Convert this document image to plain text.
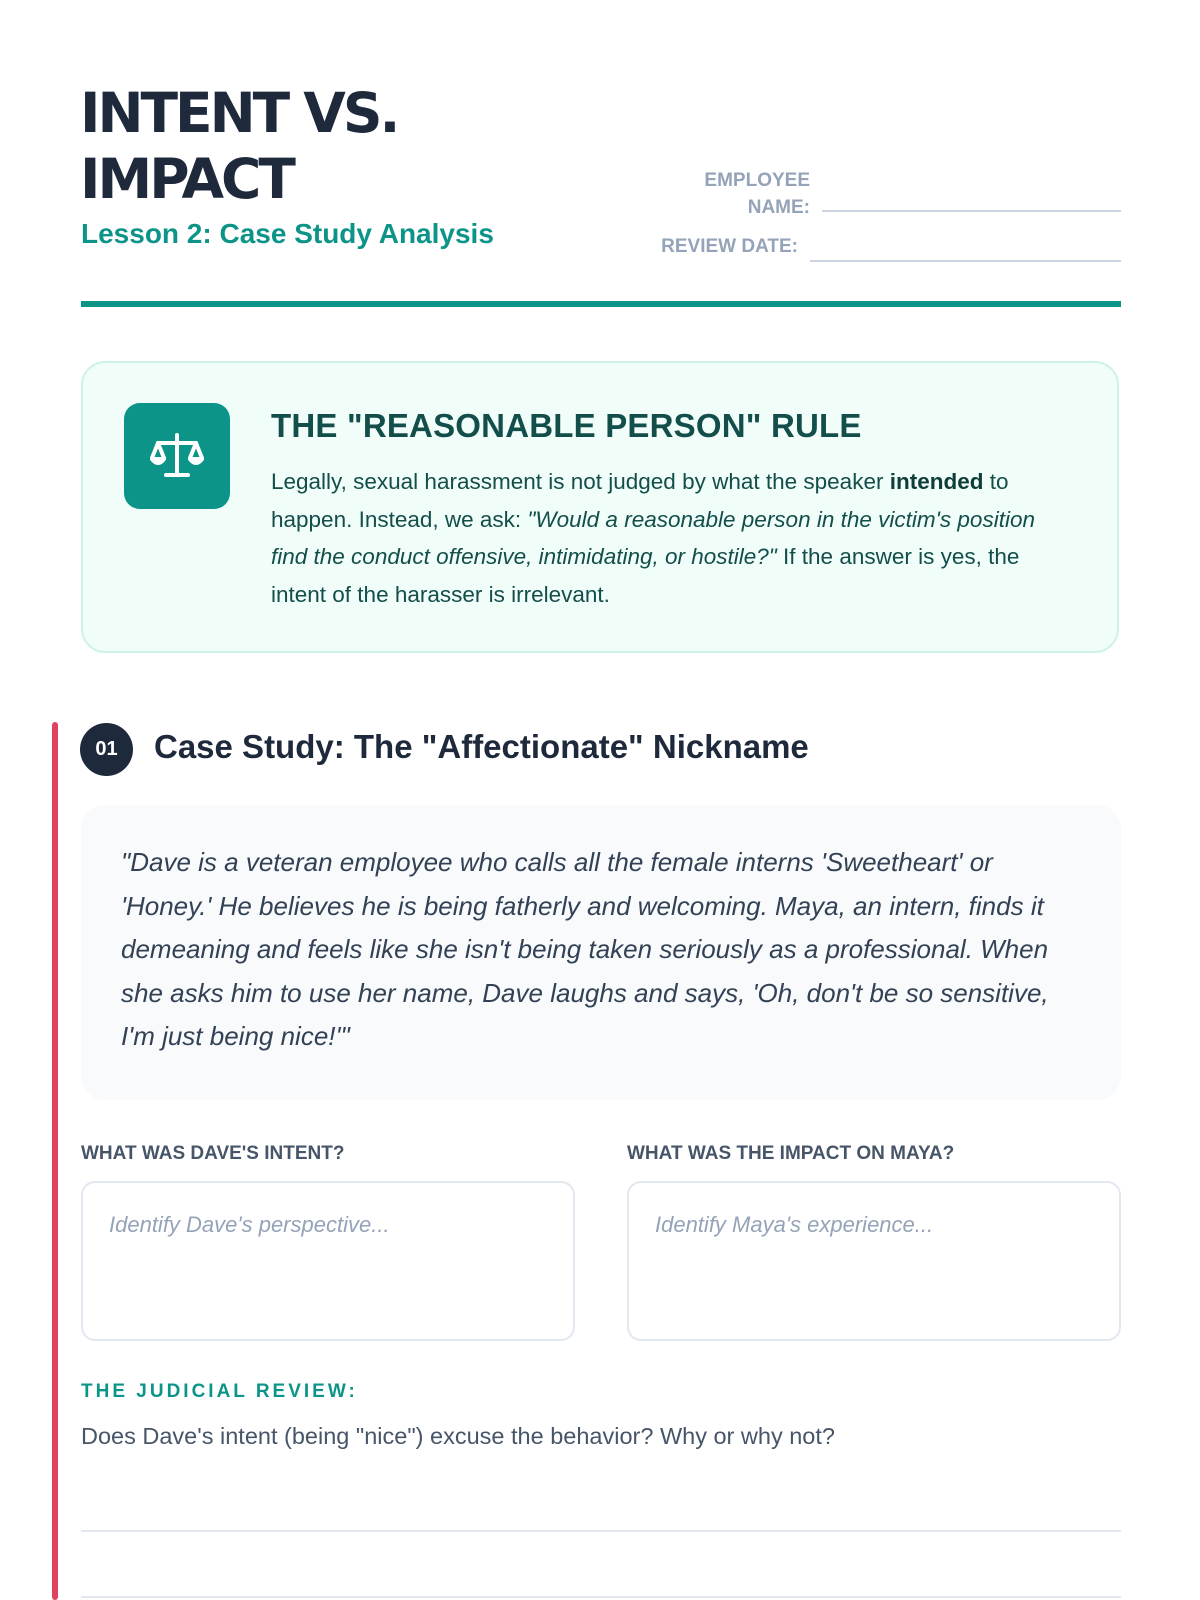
INTENT VS.
IMPACT
Lesson 2: Case Study Analysis
EMPLOYEE
NAME:
REVIEW DATE:
THE "REASONABLE PERSON" RULE
Legally, sexual harassment is not judged by what the speaker intended to happen. Instead, we ask: "Would a reasonable person in the victim's position find the conduct offensive, intimidating, or hostile?" If the answer is yes, the intent of the harasser is irrelevant.
01	Case Study: The "Affectionate" Nickname

"Dave is a veteran employee who calls all the female interns 'Sweetheart' or 'Honey.' He believes he is being fatherly and welcoming. Maya, an intern, finds it demeaning and feels like she isn't being taken seriously as a professional. When she asks him to use her name, Dave laughs and says, 'Oh, don't be so sensitive, I'm just being nice!'"

WHAT WAS DAVE'S INTENT?
Identify Dave's perspective...	WHAT WAS THE IMPACT ON MAYA?
Identify Maya's experience...
THE JUDICIAL REVIEW:
Does Dave's intent (being "nice") excuse the behavior? Why or why not?
